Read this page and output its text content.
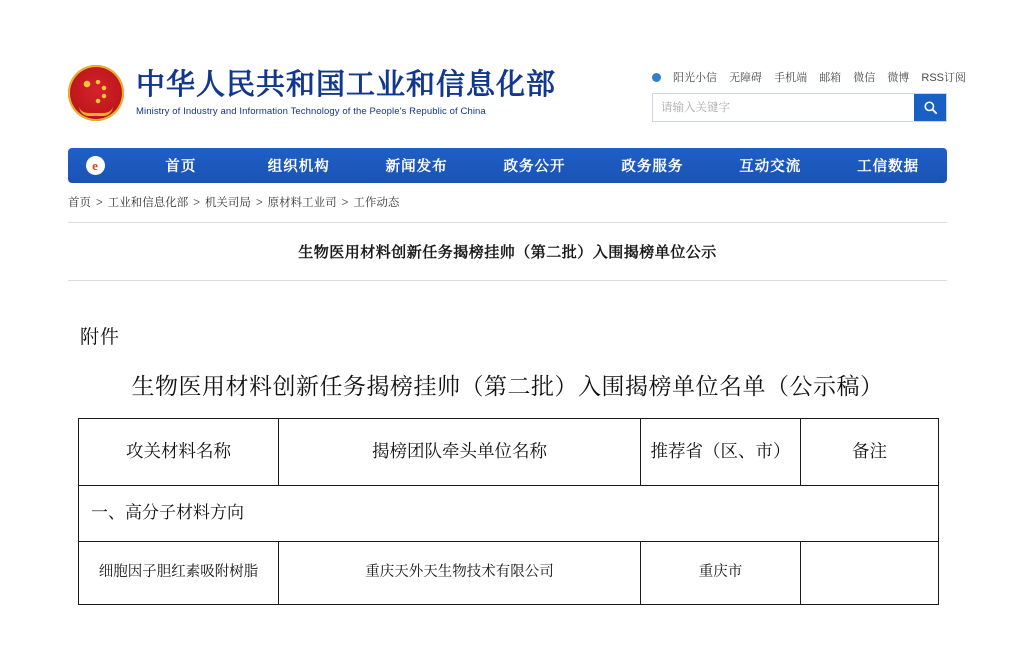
中华人民共和国工业和信息化部
Ministry of Industry and Information Technology of the People's Republic of China
阳光小信 无障碍 手机端 邮箱 微信 微博 RSS订阅
请输入关键字
e	首页	组织机构	新闻发布	政务公开	政务服务	互动交流	工信数据
首页 > 工业和信息化部 > 机关司局 > 原材料工业司 > 工作动态
生物医用材料创新任务揭榜挂帅（第二批）入围揭榜单位公示
附件
生物医用材料创新任务揭榜挂帅（第二批）入围揭榜单位名单（公示稿）
攻关材料名称	揭榜团队牵头单位名称	推荐省（区、市）	备注
一、高分子材料方向			
细胞因子胆红素吸附树脂	重庆天外天生物技术有限公司	重庆市	
